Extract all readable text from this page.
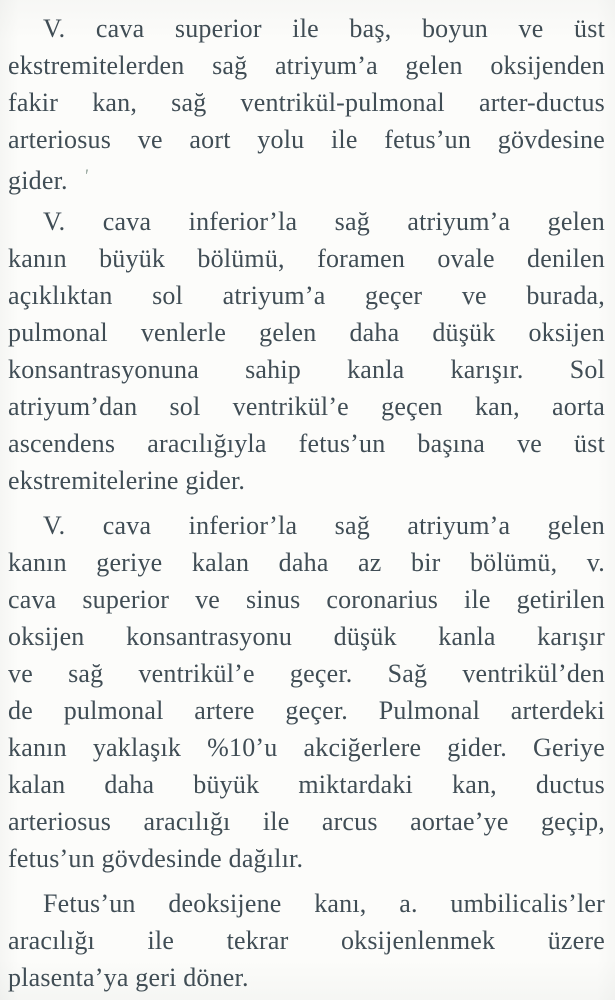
V. cava superior ile baş, boyun ve üst
ekstremitelerden sağ atriyum’a gelen oksijenden
fakir kan, sağ ventrikül-pulmonal arter-ductus
arteriosus ve aort yolu ile fetus’un gövdesine
gider. $^ʹ$

V. cava inferior’la sağ atriyum’a gelen
kanın büyük bölümü, foramen ovale denilen
açıklıktan sol atriyum’a geçer ve burada,
pulmonal venlerle gelen daha düşük oksijen
konsantrasyonuna sahip kanla karışır. Sol
atriyum’dan sol ventrikül’e geçen kan, aorta
ascendens aracılığıyla fetus’un başına ve üst
ekstremitelerine gider.

V. cava inferior’la sağ atriyum’a gelen
kanın geriye kalan daha az bir bölümü, v.
cava superior ve sinus coronarius ile getirilen
oksijen konsantrasyonu düşük kanla karışır
ve sağ ventrikül’e geçer. Sağ ventrikül’den
de pulmonal artere geçer. Pulmonal arterdeki
kanın yaklaşık %10’u akciğerlere gider. Geriye
kalan daha büyük miktardaki kan, ductus
arteriosus aracılığı ile arcus aortae’ye geçip,
fetus’un gövdesinde dağılır.

Fetus’un deoksijene kanı, a. umbilicalis’ler
aracılığı ile tekrar oksijenlenmek üzere
plasenta’ya geri döner.
